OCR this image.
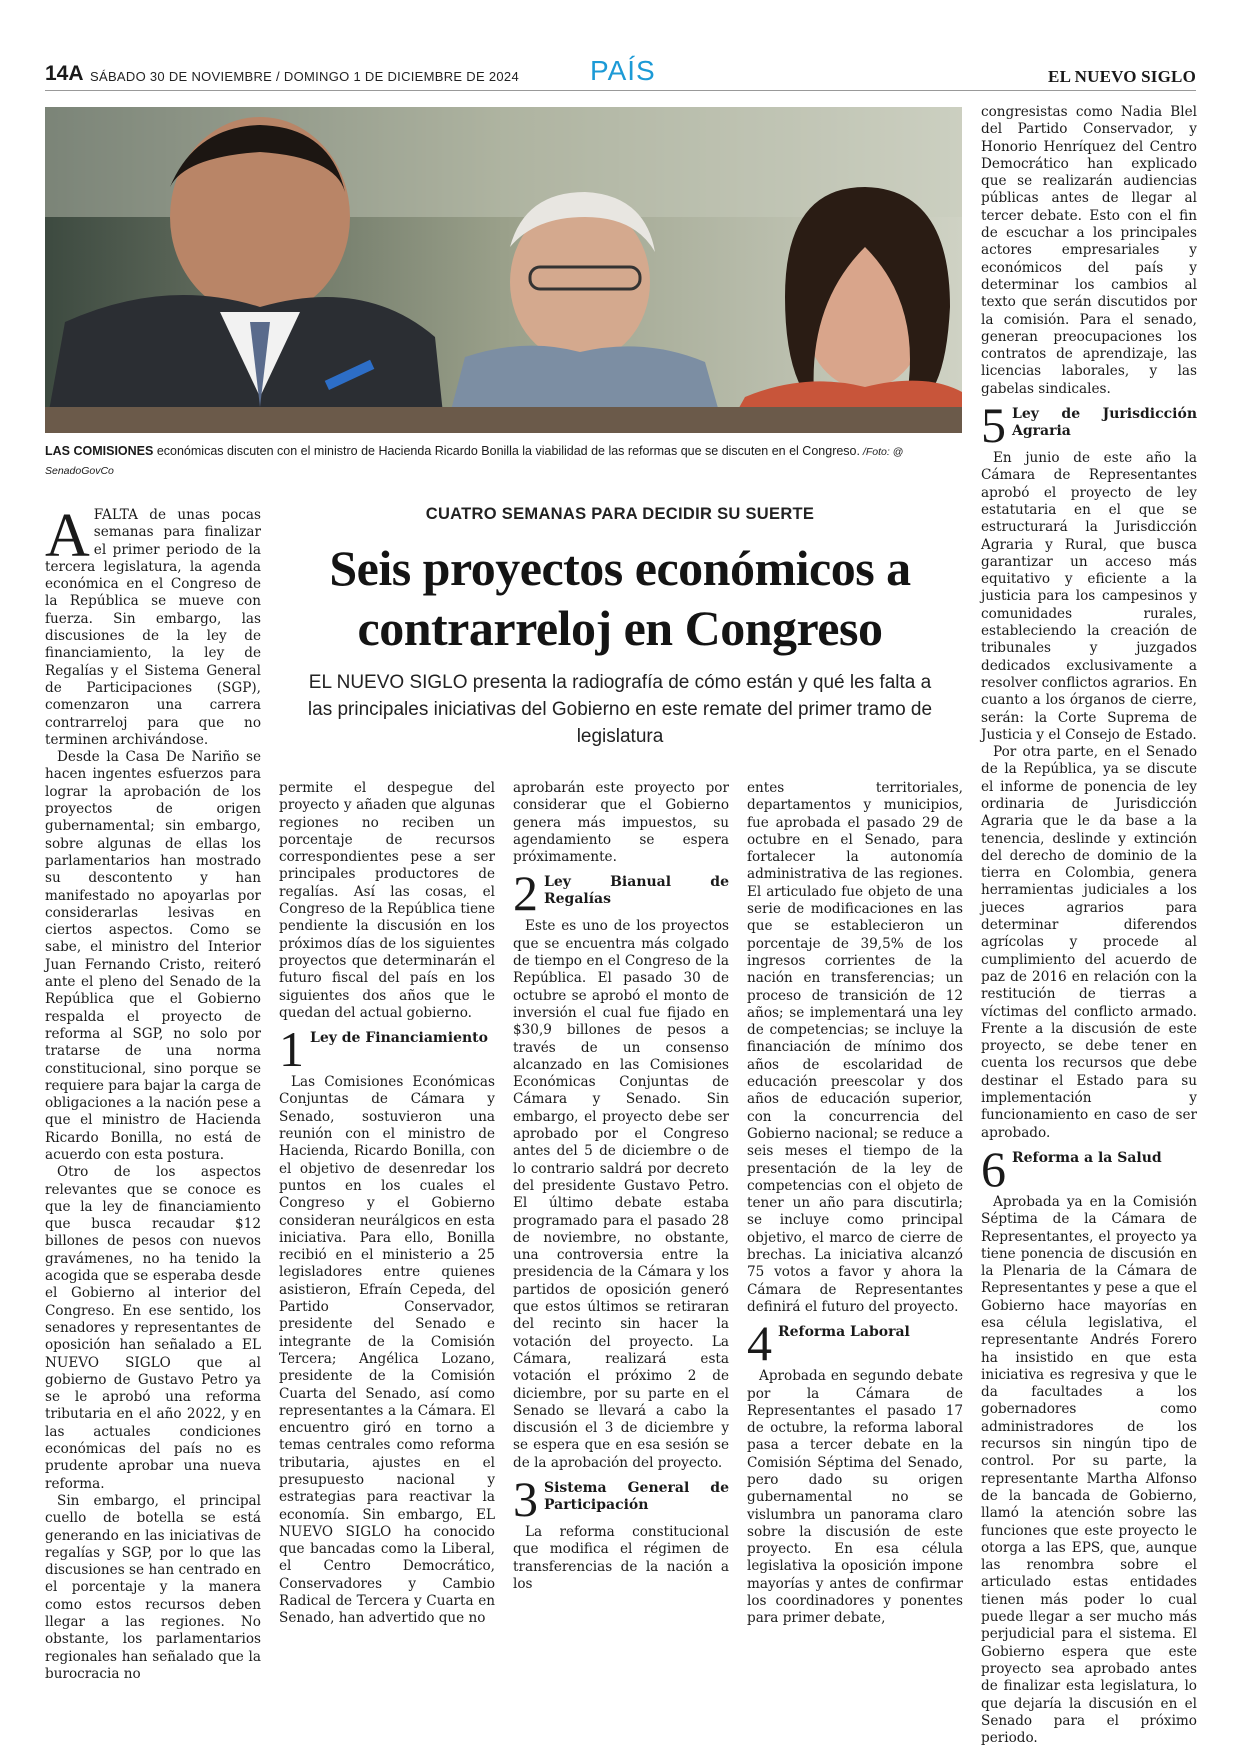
14A SÁBADO 30 DE NOVIEMBRE / DOMINGO 1 DE DICIEMBRE DE 2024	PAÍS	EL NUEVO SIGLO
LAS COMISIONES económicas discuten con el ministro de Hacienda Ricardo Bonilla la viabilidad de las reformas que se discuten en el Congreso. /Foto: @ SenadoGovCo
CUATRO SEMANAS PARA DECIDIR SU SUERTE
Seis proyectos económicos a contrarreloj en Congreso
EL NUEVO SIGLO presenta la radiografía de cómo están y qué les falta a las principales iniciativas del Gobierno en este remate del primer tramo de legislatura

AFALTA de unas pocas semanas para finalizar el primer periodo de la tercera legislatura, la agenda económica en el Congreso de la República se mueve con fuerza. Sin embargo, las discusiones de la ley de financiamiento, la ley de Regalías y el Sistema General de Participaciones (SGP), comenzaron una carrera contrarreloj para que no terminen archivándose.

Desde la Casa De Nariño se hacen ingentes esfuerzos para lograr la aprobación de los proyectos de origen gubernamental; sin embargo, sobre algunas de ellas los parlamentarios han mostrado su descontento y han manifestado no apoyarlas por considerarlas lesivas en ciertos aspectos. Como se sabe, el ministro del Interior Juan Fernando Cristo, reiteró ante el pleno del Senado de la República que el Gobierno respalda el proyecto de reforma al SGP, no solo por tratarse de una norma constitucional, sino porque se requiere para bajar la carga de obligaciones a la nación pese a que el ministro de Hacienda Ricardo Bonilla, no está de acuerdo con esta postura.

Otro de los aspectos relevantes que se conoce es que la ley de financiamiento que busca recaudar $12 billones de pesos con nuevos gravámenes, no ha tenido la acogida que se esperaba desde el Gobierno al interior del Congreso. En ese sentido, los senadores y representantes de oposición han señalado a EL NUEVO SIGLO que al gobierno de Gustavo Petro ya se le aprobó una reforma tributaria en el año 2022, y en las actuales condiciones económicas del país no es prudente aprobar una nueva reforma.

Sin embargo, el principal cuello de botella se está generando en las iniciativas de regalías y SGP, por lo que las discusiones se han centrado en el porcentaje y la manera como estos recursos deben llegar a las regiones. No obstante, los parlamentarios regionales han señalado que la burocracia no

permite el despegue del proyecto y añaden que algunas regiones no reciben un porcentaje de recursos correspondientes pese a ser principales productores de regalías. Así las cosas, el Congreso de la República tiene pendiente la discusión en los próximos días de los siguientes proyectos que determinarán el futuro fiscal del país en los siguientes dos años que le quedan del actual gobierno.

1 Ley de Financiamiento

Las Comisiones Económicas Conjuntas de Cámara y Senado, sostuvieron una reunión con el ministro de Hacienda, Ricardo Bonilla, con el objetivo de desenredar los puntos en los cuales el Congreso y el Gobierno consideran neurálgicos en esta iniciativa. Para ello, Bonilla recibió en el ministerio a 25 legisladores entre quienes asistieron, Efraín Cepeda, del Partido Conservador, presidente del Senado e integrante de la Comisión Tercera; Angélica Lozano, presidente de la Comisión Cuarta del Senado, así como representantes a la Cámara. El encuentro giró en torno a temas centrales como reforma tributaria, ajustes en el presupuesto nacional y estrategias para reactivar la economía. Sin embargo, EL NUEVO SIGLO ha conocido que bancadas como la Liberal, el Centro Democrático, Conservadores y Cambio Radical de Tercera y Cuarta en Senado, han advertido que no

aprobarán este proyecto por considerar que el Gobierno genera más impuestos, su agendamiento se espera próximamente.

2 Ley Bianual de Regalías

Este es uno de los proyectos que se encuentra más colgado de tiempo en el Congreso de la República. El pasado 30 de octubre se aprobó el monto de inversión el cual fue fijado en $30,9 billones de pesos a través de un consenso alcanzado en las Comisiones Económicas Conjuntas de Cámara y Senado. Sin embargo, el proyecto debe ser aprobado por el Congreso antes del 5 de diciembre o de lo contrario saldrá por decreto del presidente Gustavo Petro. El último debate estaba programado para el pasado 28 de noviembre, no obstante, una controversia entre la presidencia de la Cámara y los partidos de oposición generó que estos últimos se retiraran del recinto sin hacer la votación del proyecto. La Cámara, realizará esta votación el próximo 2 de diciembre, por su parte en el Senado se llevará a cabo la discusión el 3 de diciembre y se espera que en esa sesión se de la aprobación del proyecto.

3 Sistema General de Participación

La reforma constitucional que modifica el régimen de transferencias de la nación a los

entes territoriales, departamentos y municipios, fue aprobada el pasado 29 de octubre en el Senado, para fortalecer la autonomía administrativa de las regiones. El articulado fue objeto de una serie de modificaciones en las que se establecieron un porcentaje de 39,5% de los ingresos corrientes de la nación en transferencias; un proceso de transición de 12 años; se implementará una ley de competencias; se incluye la financiación de mínimo dos años de escolaridad de educación preescolar y dos años de educación superior, con la concurrencia del Gobierno nacional; se reduce a seis meses el tiempo de la presentación de la ley de competencias con el objeto de tener un año para discutirla; se incluye como principal objetivo, el marco de cierre de brechas. La iniciativa alcanzó 75 votos a favor y ahora la Cámara de Representantes definirá el futuro del proyecto.

4 Reforma Laboral

Aprobada en segundo debate por la Cámara de Representantes el pasado 17 de octubre, la reforma laboral pasa a tercer debate en la Comisión Séptima del Senado, pero dado su origen gubernamental no se vislumbra un panorama claro sobre la discusión de este proyecto. En esa célula legislativa la oposición impone mayorías y antes de confirmar los coordinadores y ponentes para primer debate,

congresistas como Nadia Blel del Partido Conservador, y Honorio Henríquez del Centro Democrático han explicado que se realizarán audiencias públicas antes de llegar al tercer debate. Esto con el fin de escuchar a los principales actores empresariales y económicos del país y determinar los cambios al texto que serán discutidos por la comisión. Para el senado, generan preocupaciones los contratos de aprendizaje, las licencias laborales, y las gabelas sindicales.

5 Ley de Jurisdicción Agraria

En junio de este año la Cámara de Representantes aprobó el proyecto de ley estatutaria en el que se estructurará la Jurisdicción Agraria y Rural, que busca garantizar un acceso más equitativo y eficiente a la justicia para los campesinos y comunidades rurales, estableciendo la creación de tribunales y juzgados dedicados exclusivamente a resolver conflictos agrarios. En cuanto a los órganos de cierre, serán: la Corte Suprema de Justicia y el Consejo de Estado.

Por otra parte, en el Senado de la República, ya se discute el informe de ponencia de ley ordinaria de Jurisdicción Agraria que le da base a la tenencia, deslinde y extinción del derecho de dominio de la tierra en Colombia, genera herramientas judiciales a los jueces agrarios para determinar diferendos agrícolas y procede al cumplimiento del acuerdo de paz de 2016 en relación con la restitución de tierras a víctimas del conflicto armado. Frente a la discusión de este proyecto, se debe tener en cuenta los recursos que debe destinar el Estado para su implementación y funcionamiento en caso de ser aprobado.

6 Reforma a la Salud

Aprobada ya en la Comisión Séptima de la Cámara de Representantes, el proyecto ya tiene ponencia de discusión en la Plenaria de la Cámara de Representantes y pese a que el Gobierno hace mayorías en esa célula legislativa, el representante Andrés Forero ha insistido en que esta iniciativa es regresiva y que le da facultades a los gobernadores como administradores de los recursos sin ningún tipo de control. Por su parte, la representante Martha Alfonso de la bancada de Gobierno, llamó la atención sobre las funciones que este proyecto le otorga a las EPS, que, aunque las renombra sobre el articulado estas entidades tienen más poder lo cual puede llegar a ser mucho más perjudicial para el sistema. El Gobierno espera que este proyecto sea aprobado antes de finalizar esta legislatura, lo que dejaría la discusión en el Senado para el próximo periodo.
